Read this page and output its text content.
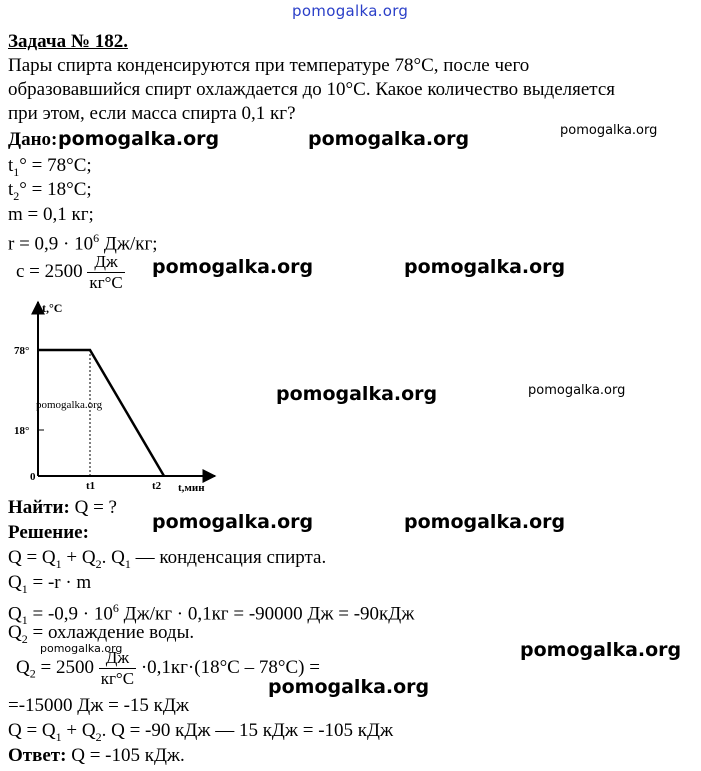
pomogalka.org
Задача № 182.
Пары спирта конденсируются при температуре 78°C, после чего
образовавшийся спирт охлаждается до 10°C. Какое количество выделяется
при этом, если масса спирта 0,1 кг?
Дано:
$t_1^\circ = 78^\circ C$;
$t_2^\circ = 18^\circ C$;
m = 0,1 кг;
$r = 0,9 \cdot 10^6$ Дж/кг;
$c = 2500 \frac{Дж}{кг^\circ C}$
t,°C
t,мин
78°
18°
0
t1	t2
pomogalka.org
Найти: Q = ?
Решение:
$Q = Q_1 + Q_2$. $Q_1$ — конденсация спирта.
$Q_1 = -r \cdot m$
$Q_1 = -0,9 \cdot 10^6$ Дж/кг · 0,1кг = -90000 Дж = -90кДж
$Q_2$ = охлаждение воды.
$Q_2 = 2500 \frac{Дж}{кг^\circ C} \cdot 0,1кг\cdot(18^\circ C - 78^\circ C)$ =
=-15000 Дж = -15 кДж
$Q = Q_1 + Q_2$. Q = -90 кДж — 15 кДж = -105 кДж
Ответ: Q = -105 кДж.
pomogalka.org	pomogalka.org	pomogalka.org
pomogalka.org	pomogalka.org
pomogalka.org	pomogalka.org
pomogalka.org	pomogalka.org
pomogalka.org	pomogalka.org
pomogalka.org
